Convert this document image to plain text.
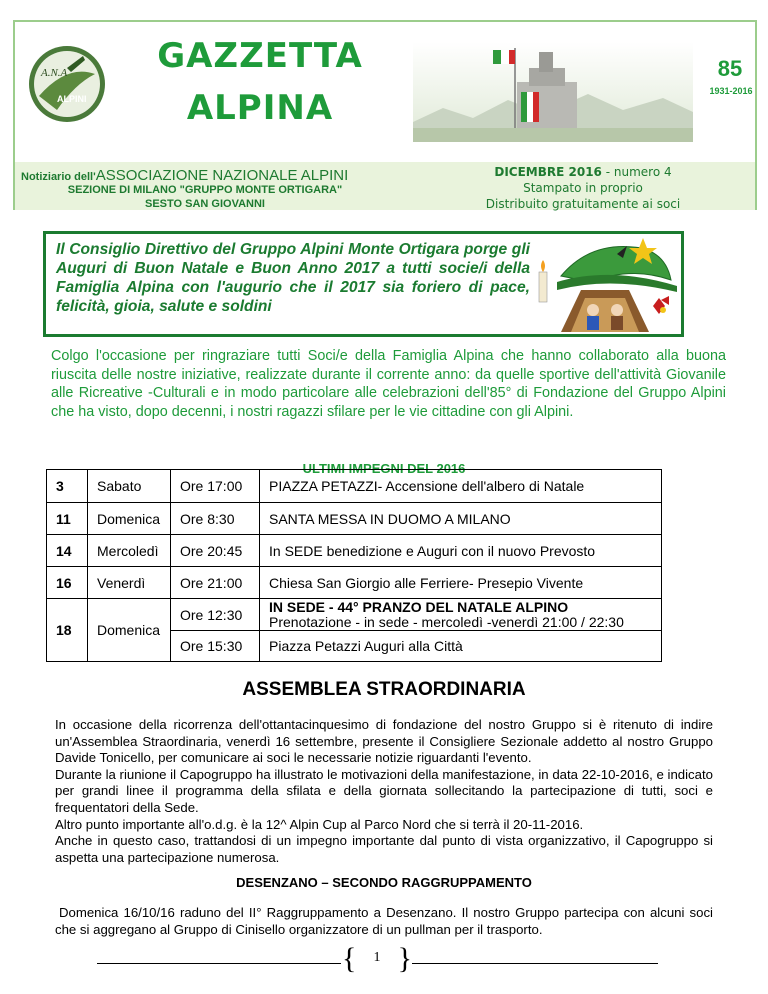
A.N.A
ALPINI
GAZZETTA
ALPINA
85
1931-2016
Notiziario dell'ASSOCIAZIONE NAZIONALE ALPINI
SEZIONE DI MILANO "GRUPPO MONTE ORTIGARA"
SESTO SAN GIOVANNI
DICEMBRE 2016 - numero 4
Stampato in proprio
Distribuito gratuitamente ai soci
Il Consiglio Direttivo del Gruppo Alpini Monte Ortigara porge gli Auguri di Buon Natale e Buon Anno 2017 a tutti socie/i della Famiglia Alpina con l'augurio che il 2017 sia foriero di pace, felicità, gioia, salute e soldini
Colgo l'occasione per ringraziare tutti Soci/e della Famiglia Alpina che hanno collaborato alla buona riuscita delle nostre iniziative, realizzate durante il corrente anno: da quelle sportive dell'attività Giovanile alle Ricreative -Culturali e in modo particolare alle celebrazioni dell'85° di Fondazione del Gruppo Alpini che ha visto, dopo decenni, i nostri ragazzi sfilare per le vie cittadine con gli Alpini.
ULTIMI IMPEGNI DEL 2016
3	Sabato	Ore 17:00	PIAZZA PETAZZI- Accensione dell'albero di Natale
11	Domenica	Ore 8:30	SANTA MESSA IN DUOMO A MILANO
14	Mercoledì	Ore 20:45	In SEDE benedizione e Auguri con il nuovo Prevosto
16	Venerdì	Ore 21:00	Chiesa San Giorgio alle Ferriere- Presepio Vivente
18	Domenica	Ore 12:30	IN SEDE - 44° PRANZO DEL NATALE ALPINO
Prenotazione - in sede - mercoledì -venerdì 21:00 / 22:30

		Ore 15:30	Piazza Petazzi Auguri alla Città
ASSEMBLEA STRAORDINARIA
In occasione della ricorrenza dell'ottantacinquesimo di fondazione del nostro Gruppo si è ritenuto di indire un'Assemblea Straordinaria, venerdì 16 settembre, presente il Consigliere Sezionale addetto al nostro Gruppo Davide Tonicello, per comunicare ai soci le necessarie notizie riguardanti l'evento.
Durante la riunione il Capogruppo ha illustrato le motivazioni della manifestazione, in data 22-10-2016, e indicato per grandi linee il programma della sfilata e della giornata sollecitando la partecipazione di tutti, soci e frequentatori della Sede.
Altro punto importante all'o.d.g. è la 12^ Alpin Cup al Parco Nord che si terrà il 20-11-2016.
Anche in questo caso, trattandosi di un impegno importante dal punto di vista organizzativo, il Capogruppo si aspetta una partecipazione numerosa.
DESENZANO – SECONDO RAGGRUPPAMENTO
Domenica 16/10/16 raduno del II° Raggruppamento a Desenzano. Il nostro Gruppo partecipa con alcuni soci che si aggregano al Gruppo di Cinisello organizzatore di un pullman per il trasporto.
{ 1 }
